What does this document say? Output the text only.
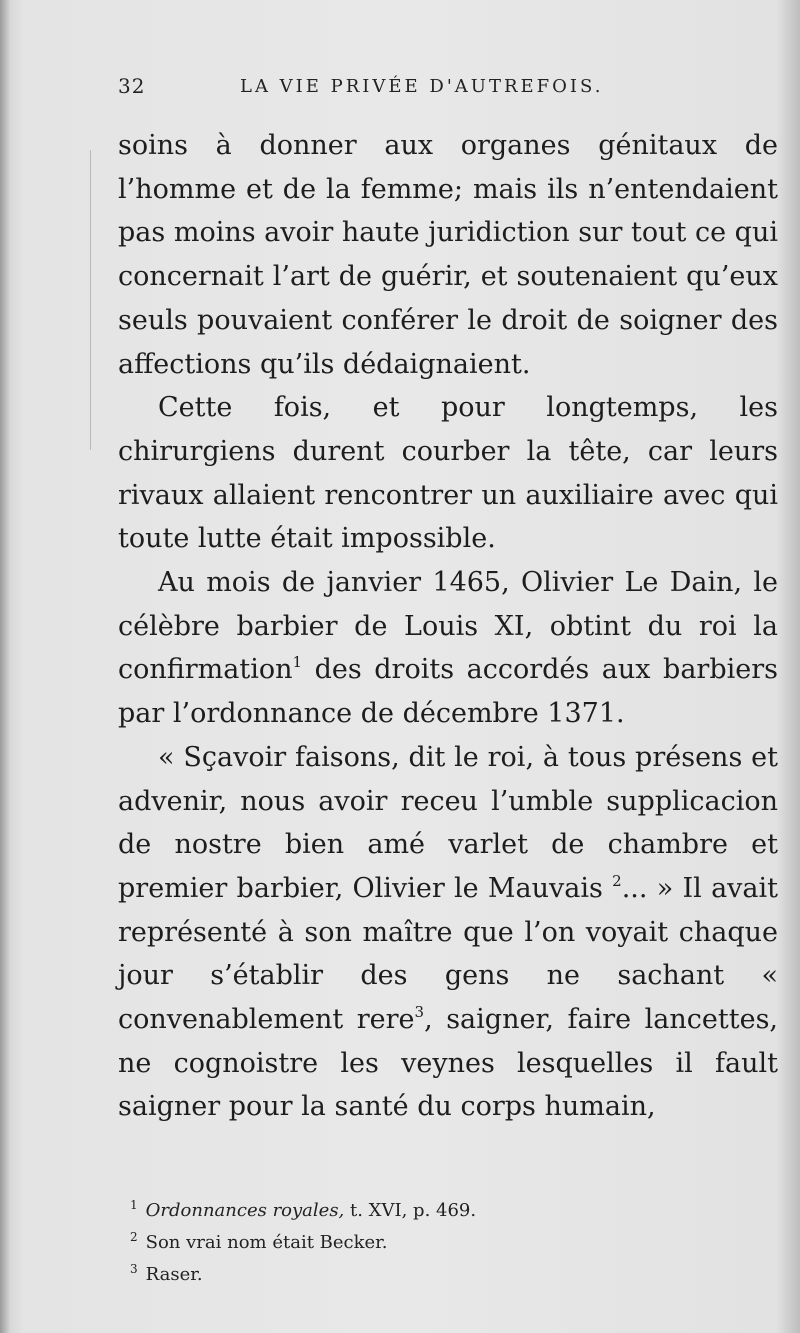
32	LA VIE PRIVÉE D'AUTREFOIS.

soins à donner aux organes génitaux de l’homme et de la femme; mais ils n’entendaient pas moins avoir haute juridiction sur tout ce qui concernait l’art de guérir, et soutenaient qu’eux seuls pouvaient conférer le droit de soigner des affections qu’ils dédaignaient.

Cette fois, et pour longtemps, les chirurgiens durent courber la tête, car leurs rivaux allaient rencontrer un auxiliaire avec qui toute lutte était impossible.

Au mois de janvier 1465, Olivier Le Dain, le célèbre barbier de Louis XI, obtint du roi la confirmation$^1$ des droits accordés aux barbiers par l’ordonnance de décembre 1371.

« Sçavoir faisons, dit le roi, à tous présens et advenir, nous avoir receu l’umble supplicacion de nostre bien amé varlet de chambre et premier barbier, Olivier le Mauvais $^2$... » Il avait représenté à son maître que l’on voyait chaque jour s’établir des gens ne sachant « convenablement rere$^3$, saigner, faire lancettes, ne cognoistre les veynes lesquelles il fault saigner pour la santé du corps humain,

$^1$ Ordonnances royales, t. XVI, p. 469.

$^2$ Son vrai nom était Becker.

$^3$ Raser.
